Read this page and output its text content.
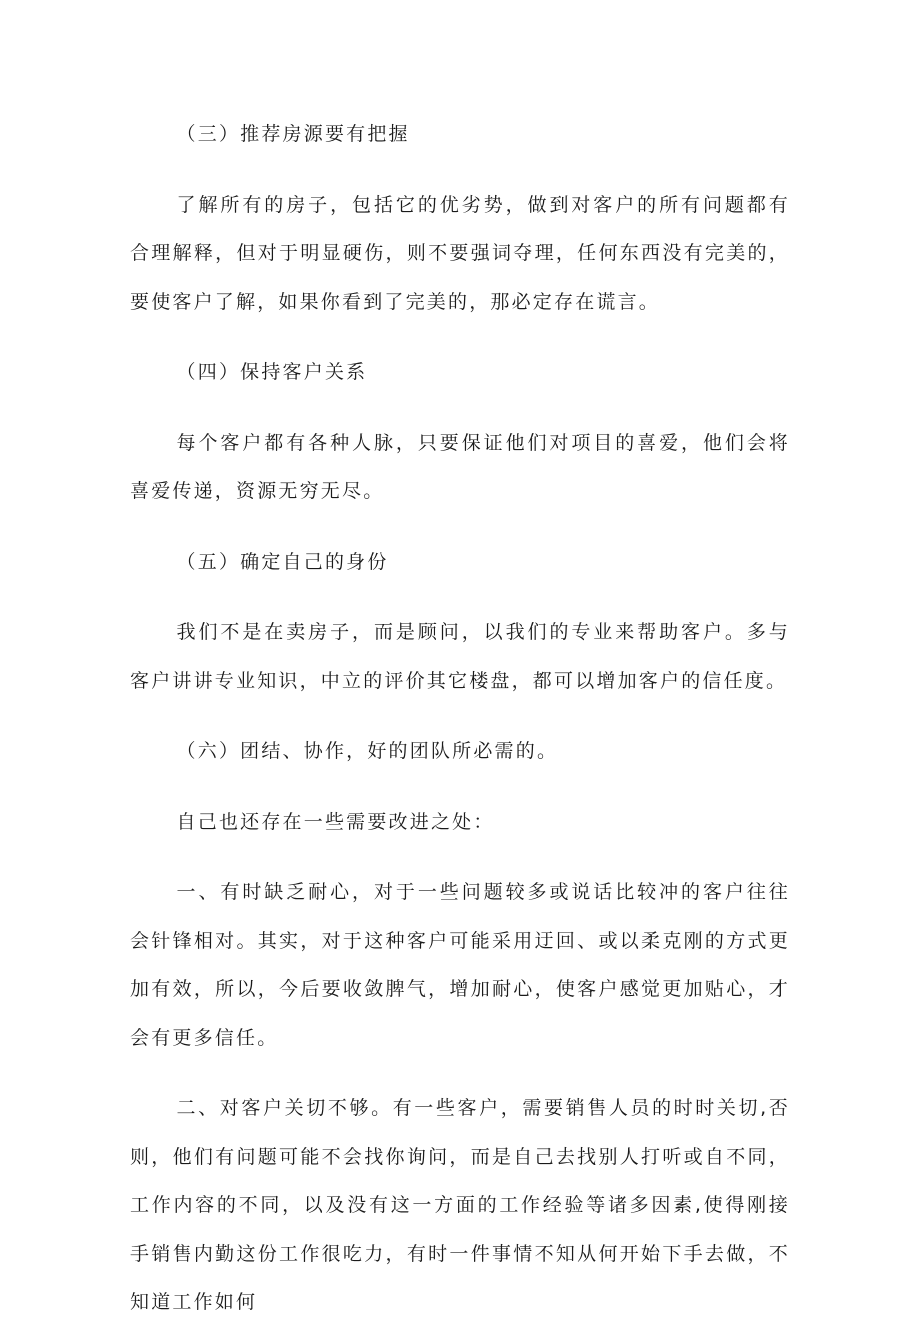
（三）推荐房源要有把握

了解所有的房子，包括它的优劣势，做到对客户的所有问题都有合理解释，但对于明显硬伤，则不要强词夺理，任何东西没有完美的，要使客户了解，如果你看到了完美的，那必定存在谎言。

（四）保持客户关系

每个客户都有各种人脉，只要保证他们对项目的喜爱，他们会将喜爱传递，资源无穷无尽。

（五）确定自己的身份

我们不是在卖房子，而是顾问，以我们的专业来帮助客户。多与客户讲讲专业知识，中立的评价其它楼盘，都可以增加客户的信任度。

（六）团结、协作，好的团队所必需的。

自己也还存在一些需要改进之处：

一、有时缺乏耐心，对于一些问题较多或说话比较冲的客户往往会针锋相对。其实，对于这种客户可能采用迂回、或以柔克刚的方式更加有效，所以，今后要收敛脾气，增加耐心，使客户感觉更加贴心，才会有更多信任。

二、对客户关切不够。有一些客户，需要销售人员的时时关切,否则，他们有问题可能不会找你询问，而是自己去找别人打听或自不同，工作内容的不同，以及没有这一方面的工作经验等诸多因素,使得刚接手销售内勤这份工作很吃力，有时一件事情不知从何开始下手去做，不知道工作如何
